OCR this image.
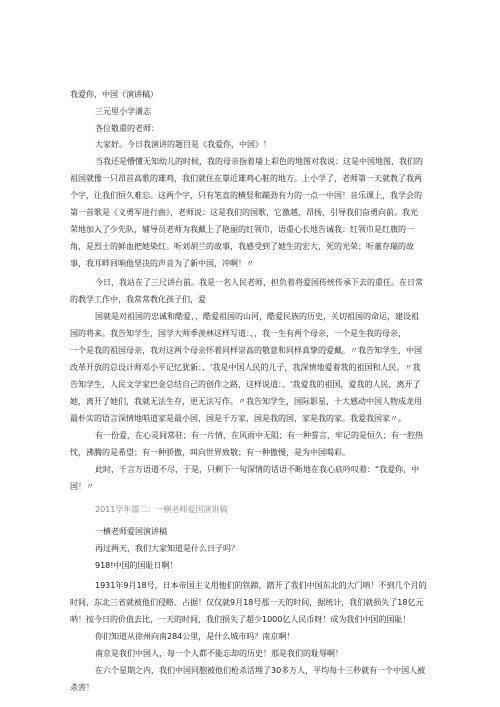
我爱你，中国（演讲稿）
三元里小学潘志
各位敬重的老师：
大家好。今日我演讲的题目是《我爱你，中国》！
当我还是懵懂无知幼儿的时候，我的母亲指着墙上彩色的地图对我说：这是中国地图，我们的
祖国就像一只昂首高歌的雄鸡，我们就住在靠近雄鸡心脏的地方。上小学了，老师第一天就教了我两
个字，让我们恒久难忘。这两个字，只有笔直的横竖和蹦劲有力的一点一中国！音乐课上，我学会的
第一首歌是《义勇军进行曲》，老师说：这是我们的国歌，它激越，昂扬，引导我们奋勇向前。我光
荣地加入了少先队，辅导员老师为我戴上了艳丽的红领巾，语重心长地告诫我：红领巾是红旗的一
角，是烈士的鲜血把她染红。听刘胡兰的故事，我感受到了她生的宏大，死的光荣；听董存瑞的故
事，我耳畔回响他坚决的声音为了新中国，冲啊！〃
今日，我站在了三尺讲台前。我是一名人民老师，担负着将爱国传统传承下去的重任。在日常
的教学工作中，我常常教化孩子们，爱
国就是对祖国的忠诚和酷爱，，酷爱祖国的山河，酷爱民族的历史，关切祖国的命运，建设祖
国的将来。我告知学生，国学大师季羡林这样写道：、，我一生有两个母亲，一个是生我的母亲，
一个是我的祖国母亲，我对这两个母亲怀着同样崇高的敬意和同样真挚的爱戴。〃我告知学生，中国
改革开放的总设计师邓小平记忆犹新：、‘我是中国人民的儿子，我深情地爱着我的祖国和人民。〃我
告知学生，人民文学家巴金总结自己的创作之路，这样说道：、‘我爱我的祖国，爱我的人民，离开了
她，离开了她们，我就无法生存，更无法写作。〃我告知学生，国际影星，十大感动中国人物成龙用
最朴实的语言深情地唱道家是最小国，国是千万家，国是我的国，家是我的家。我爱我国家〃。
有一份爱，在心灵间常驻；有一片情，在风雨中无阻；有一种誓言，牢记的是恒久；有一腔热
忱，沸腾的是希望；有一种骄傲，叫向世界致敬；有一种傲慢，是为中国喝彩。
此时，千言万语道不尽，于是，只剩下一句深情的话语不断地在我心底吟叹着：“我爱你，中
国！〃
2011学年篇二：一横老师爱国演讲稿
一横老师爱国演讲稿
再过两天，我们大家知道是什么日子吗？
918!中国的国耻日啊！
1931年9月18号，日本帝国主义用他们的铁蹄，踏开了我们中国东北的大门呐！不到几个月的
时间，东北三省就被他们侵略、占据！仅仅就9月18号那一天的时间，据统计，我们就损失了18亿元
呐！按今日的价值去比，一天的时间，我们损失了超少1000亿人民币呀！成为我们中国的国耻！
你们知道从徐州向南284公里，是什么城市吗？南京啊！
南京是我们中国人，每一个人都不能忘却的历史！那是我们的耻辱啊！
在六个星期之内，我们中国同胞被他们枪杀活埋了30多万人，平均每十三秒就有一个中国人被
杀害！
